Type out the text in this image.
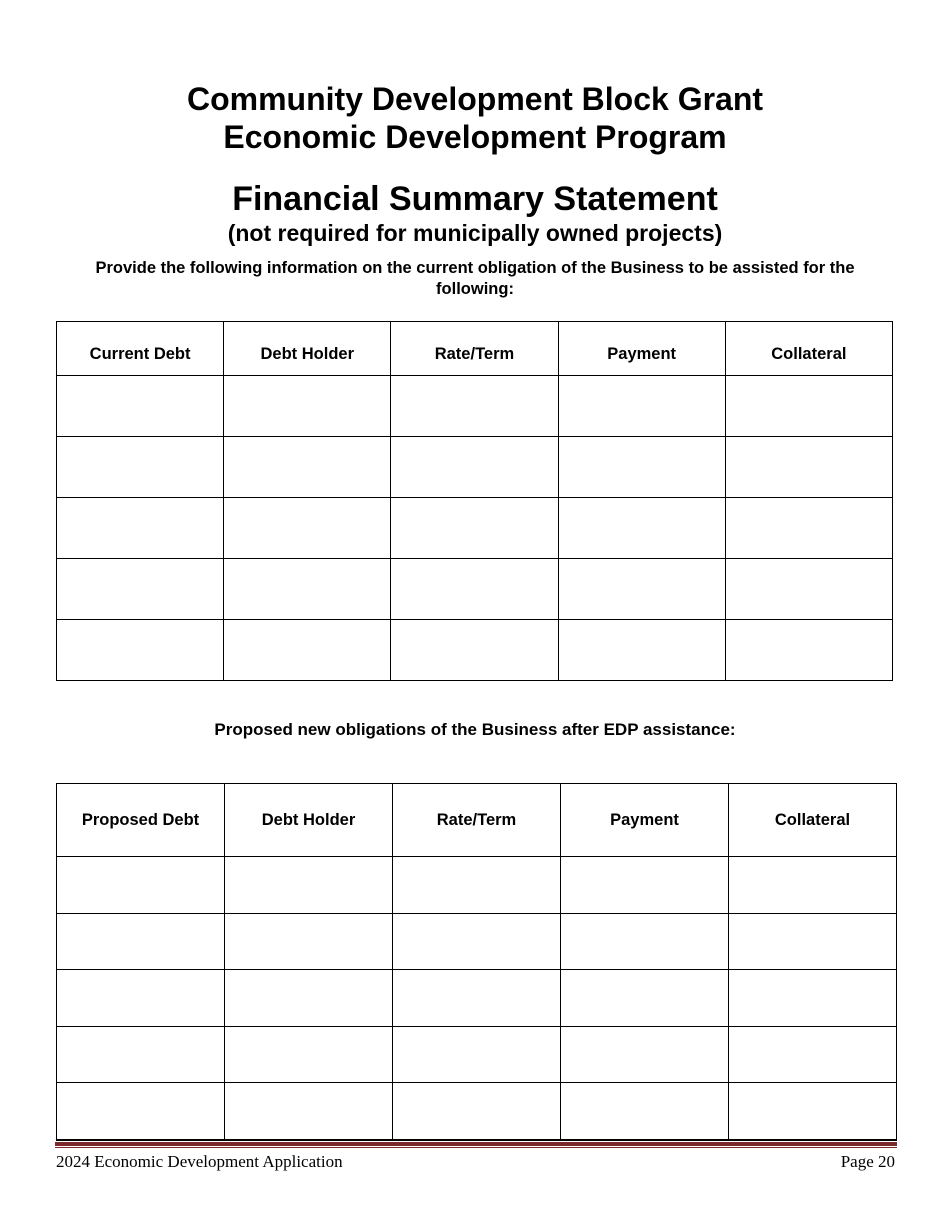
Community Development Block Grant
Economic Development Program
Financial Summary Statement
(not required for municipally owned projects)
Provide the following information on the current obligation of the Business to be assisted for the following:
Current Debt	Debt Holder	Rate/Term	Payment	Collateral

Proposed new obligations of the Business after EDP assistance:
Proposed Debt	Debt Holder	Rate/Term	Payment	Collateral

2024 Economic Development Application	Page 20
